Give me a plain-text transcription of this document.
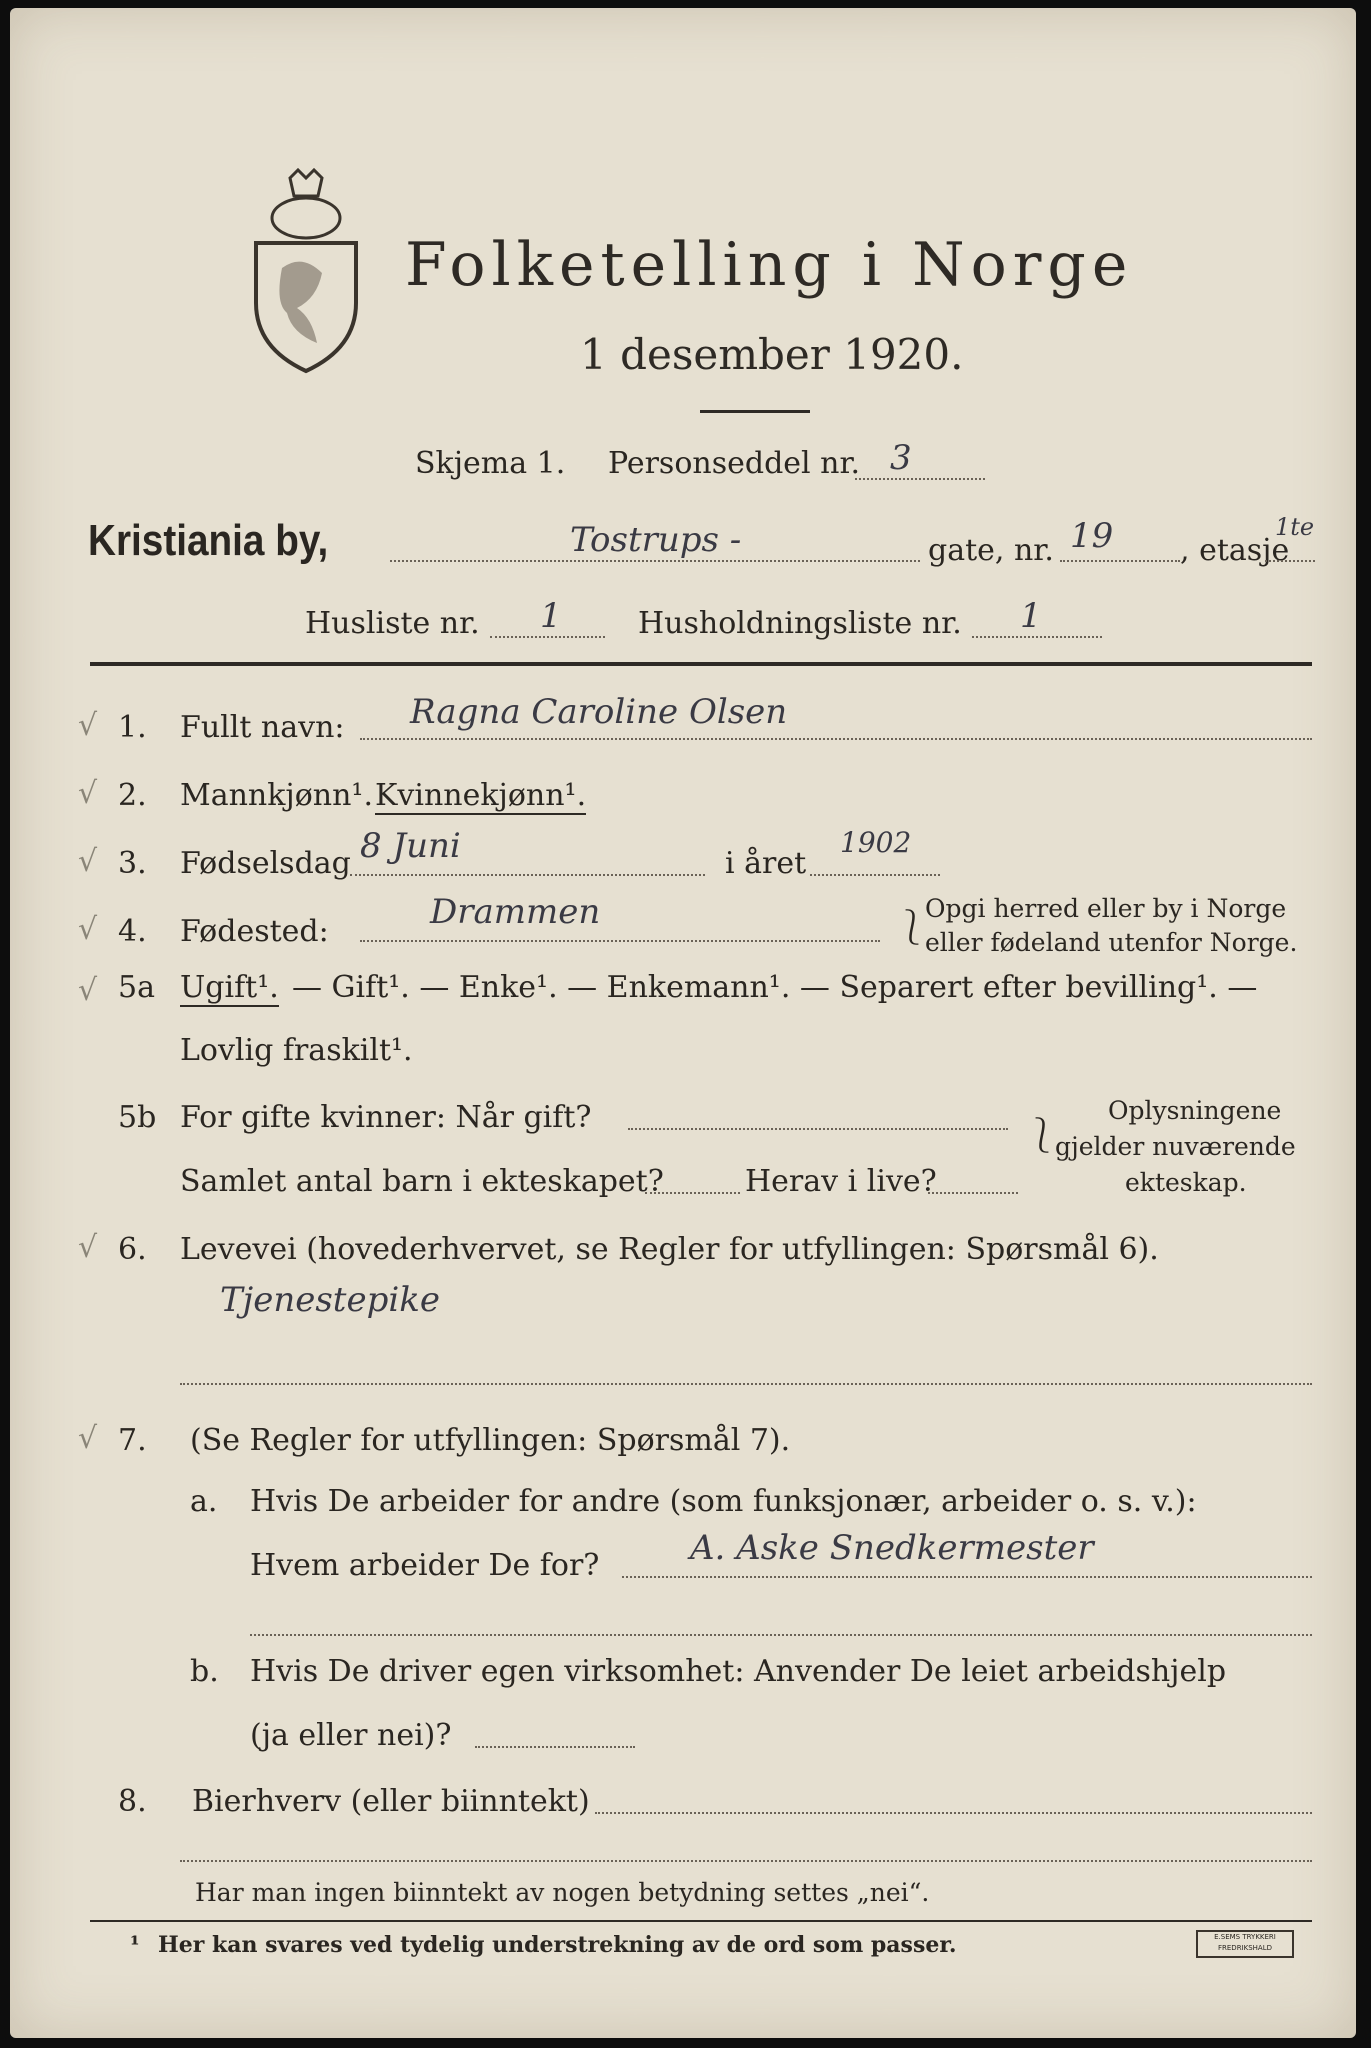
Folketelling i Norge
1 desember 1920.
Skjema 1. Personseddel nr. 3
Kristiania by,	Tostrups -	gate, nr. 19 , etasje
1te
Husliste nr. 1	Husholdningsliste nr. 1
√ 1. Fullt navn: Ragna Caroline Olsen
√ 2. Mannkjønn¹. Kvinnekjønn¹.
√ 3. Fødselsdag 8 Juni	i året
1902
√ 4. Fødested:	Drammen	⎱
Opgi herred eller by i Norge
eller fødeland utenfor Norge.
√ 5a Ugift¹. — Gift¹. — Enke¹. — Enkemann¹. — Separert efter bevilling¹. —
Lovlig fraskilt¹.
5b For gifte kvinner: Når gift?
Samlet antal barn i ekteskapet?	Herav i live?
⎱
Oplysningene
gjelder nuværende
ekteskap.
√ 6. Levevei (hovederhvervet, se Regler for utfyllingen: Spørsmål 6).
Tjenestepike
√ 7. (Se Regler for utfyllingen: Spørsmål 7).
a. Hvis De arbeider for andre (som funksjonær, arbeider o. s. v.):
Hvem arbeider De for?	A. Aske Snedkermester
b. Hvis De driver egen virksomhet: Anvender De leiet arbeidshjelp
(ja eller nei)?
8. Bierhverv (eller biinntekt)
Har man ingen biinntekt av nogen betydning settes „nei“.
¹ Her kan svares ved tydelig understrekning av de ord som passer.	E.SEMS TRYKKERI FREDRIKSHALD
